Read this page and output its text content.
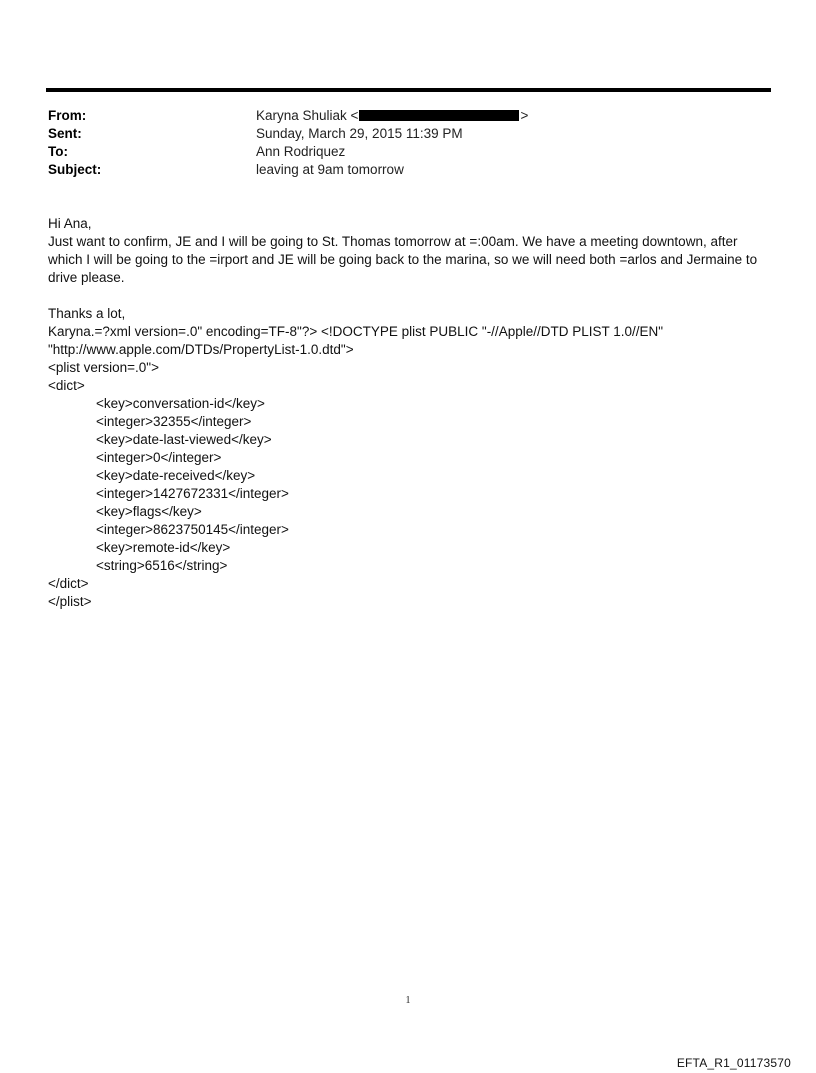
From:	Karyna Shuliak <	>
Sent:	Sunday, March 29, 2015 11:39 PM
To:	Ann Rodriquez
Subject:	leaving at 9am tomorrow

Hi Ana,

Just want to confirm, JE and I will be going to St. Thomas tomorrow at =:00am. We have a meeting downtown, after which I will be going to the =irport and JE will be going back to the marina, so we will need both =arlos and Jermaine to drive please.

Thanks a lot,

Karyna.=?xml version=.0" encoding=TF-8"?> <!DOCTYPE plist PUBLIC "-//Apple//DTD PLIST 1.0//EN"

"http://www.apple.com/DTDs/PropertyList-1.0.dtd">

<plist version=.0">

<dict>

<key>conversation-id</key>

<integer>32355</integer>

<key>date-last-viewed</key>

<integer>0</integer>

<key>date-received</key>

<integer>1427672331</integer>

<key>flags</key>

<integer>8623750145</integer>

<key>remote-id</key>

<string>6516</string>

</dict>

</plist>

1
EFTA_R1_01173570
